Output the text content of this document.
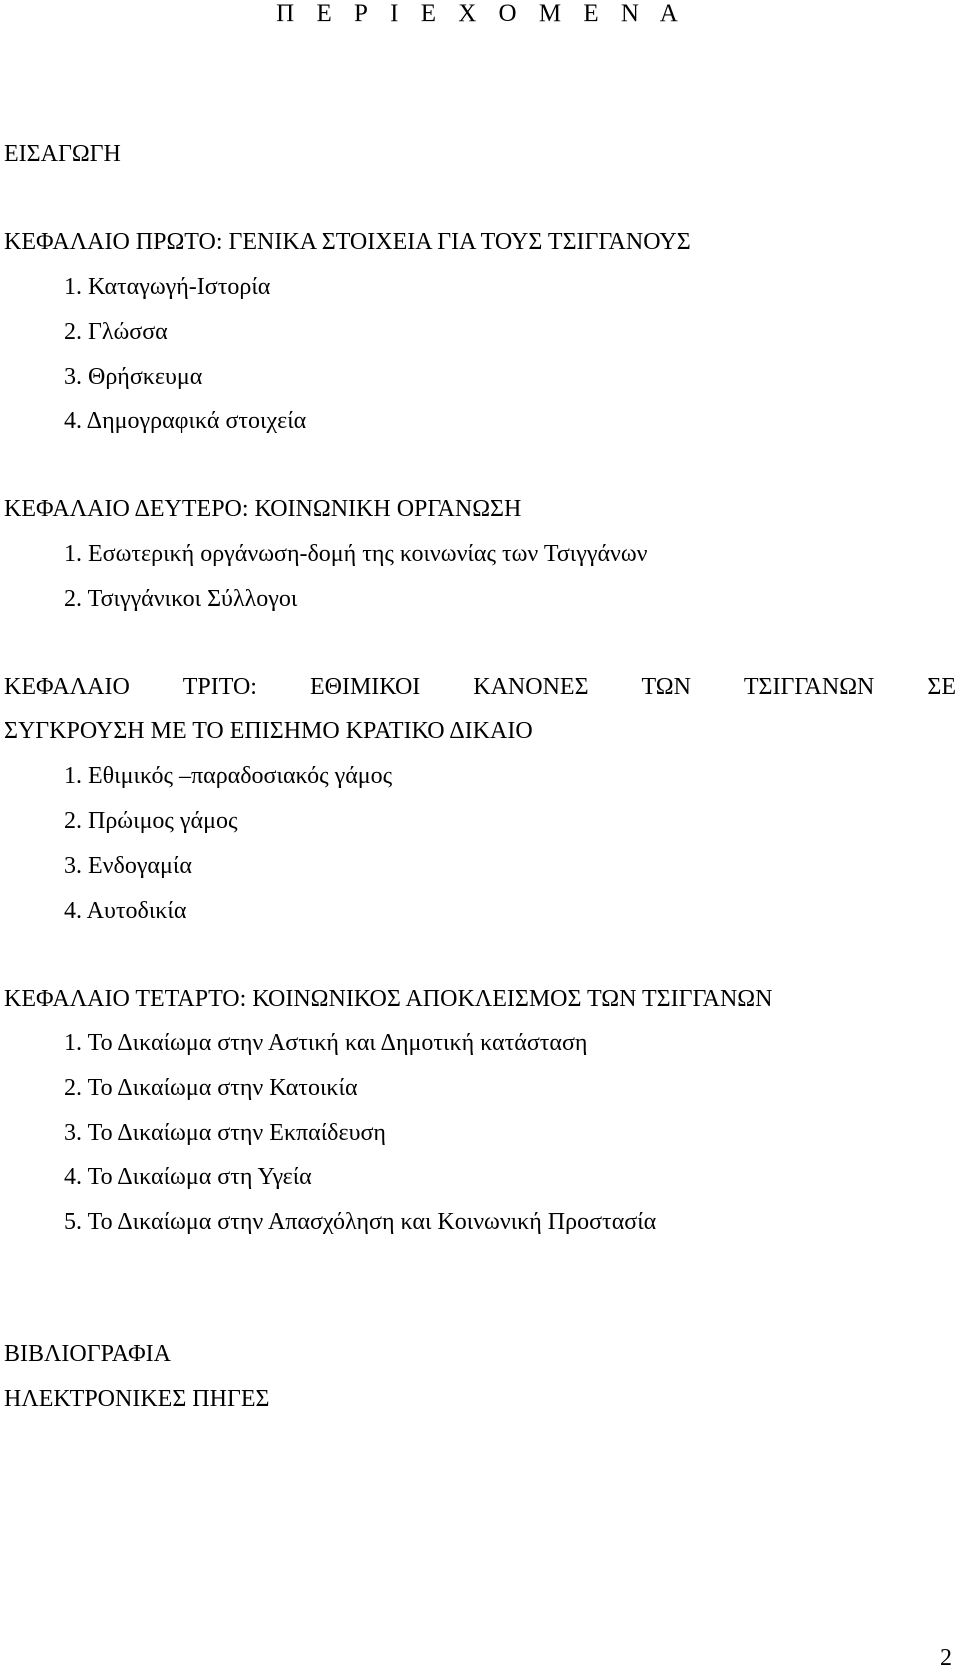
Π Ε Ρ Ι Ε Χ Ο Μ Ε Ν Α
ΕΙΣΑΓΩΓΗ
ΚΕΦΑΛΑΙΟ ΠΡΩΤΟ: ΓΕΝΙΚΑ ΣΤΟΙΧΕΙΑ ΓΙΑ ΤΟΥΣ ΤΣΙΓΓΑΝΟΥΣ
1. Καταγωγή-Ιστορία
2. Γλώσσα
3. Θρήσκευμα
4. Δημογραφικά στοιχεία
ΚΕΦΑΛΑΙΟ ΔΕΥΤΕΡΟ: ΚΟΙΝΩΝΙΚΗ ΟΡΓΑΝΩΣΗ
1. Εσωτερική οργάνωση-δομή της κοινωνίας των Τσιγγάνων
2. Τσιγγάνικοι Σύλλογοι
ΚΕΦΑΛΑΙΟ ΤΡΙΤΟ: ΕΘΙΜΙΚΟΙ ΚΑΝΟΝΕΣ ΤΩΝ ΤΣΙΓΓΑΝΩΝ ΣΕ
ΣΥΓΚΡΟΥΣΗ ΜΕ ΤΟ ΕΠΙΣΗΜΟ ΚΡΑΤΙΚΟ ΔΙΚΑΙΟ
1. Εθιμικός –παραδοσιακός γάμος
2. Πρώιμος γάμος
3. Ενδογαμία
4. Αυτοδικία
ΚΕΦΑΛΑΙΟ ΤΕΤΑΡΤΟ: ΚΟΙΝΩΝΙΚΟΣ ΑΠΟΚΛΕΙΣΜΟΣ ΤΩΝ ΤΣΙΓΓΑΝΩΝ
1. Το Δικαίωμα στην Αστική και Δημοτική κατάσταση
2. Το Δικαίωμα στην Κατοικία
3. Το Δικαίωμα στην Εκπαίδευση
4. Το Δικαίωμα στη Υγεία
5. Το Δικαίωμα στην Απασχόληση και Κοινωνική Προστασία
ΒΙΒΛΙΟΓΡΑΦΙΑ
ΗΛΕΚΤΡΟΝΙΚΕΣ ΠΗΓΕΣ
2
